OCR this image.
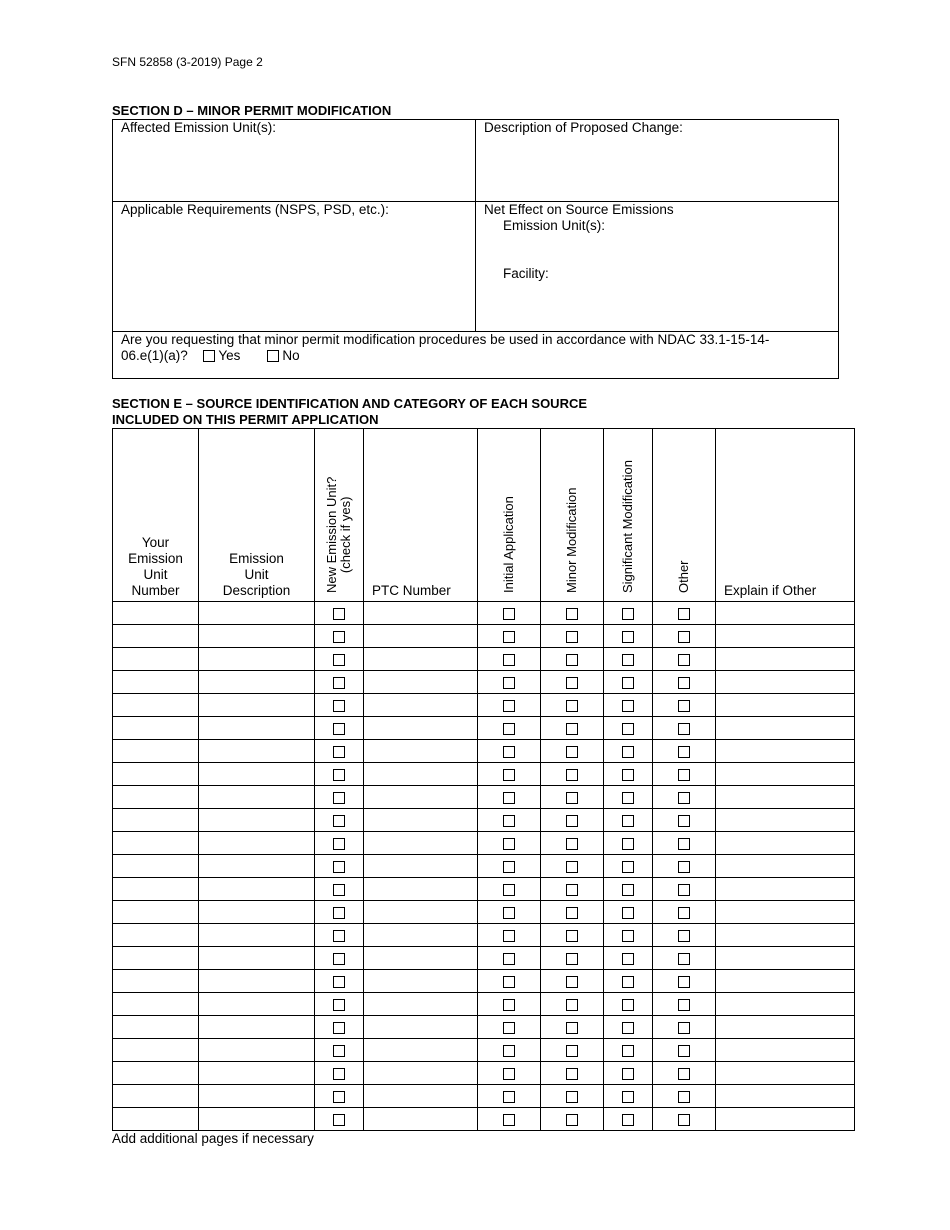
SFN 52858 (3-2019) Page 2
SECTION D – MINOR PERMIT MODIFICATION
Affected Emission Unit(s):	Description of Proposed Change:
Applicable Requirements (NSPS, PSD, etc.):	Net Effect on Source Emissions
Emission Unit(s):
Facility:
Are you requesting that minor permit modification procedures be used in accordance with NDAC 33.1-15-14-
06.e(1)(a)? Yes	No
SECTION E – SOURCE IDENTIFICATION AND CATEGORY OF EACH SOURCE
INCLUDED ON THIS PERMIT APPLICATION
Your
Emission
Unit
Number	Emission
Unit
Description	New Emission Unit? (check if yes)	PTC Number	Initial Application	Minor Modification	Significant Modification	Other	Explain if Other

Add additional pages if necessary
